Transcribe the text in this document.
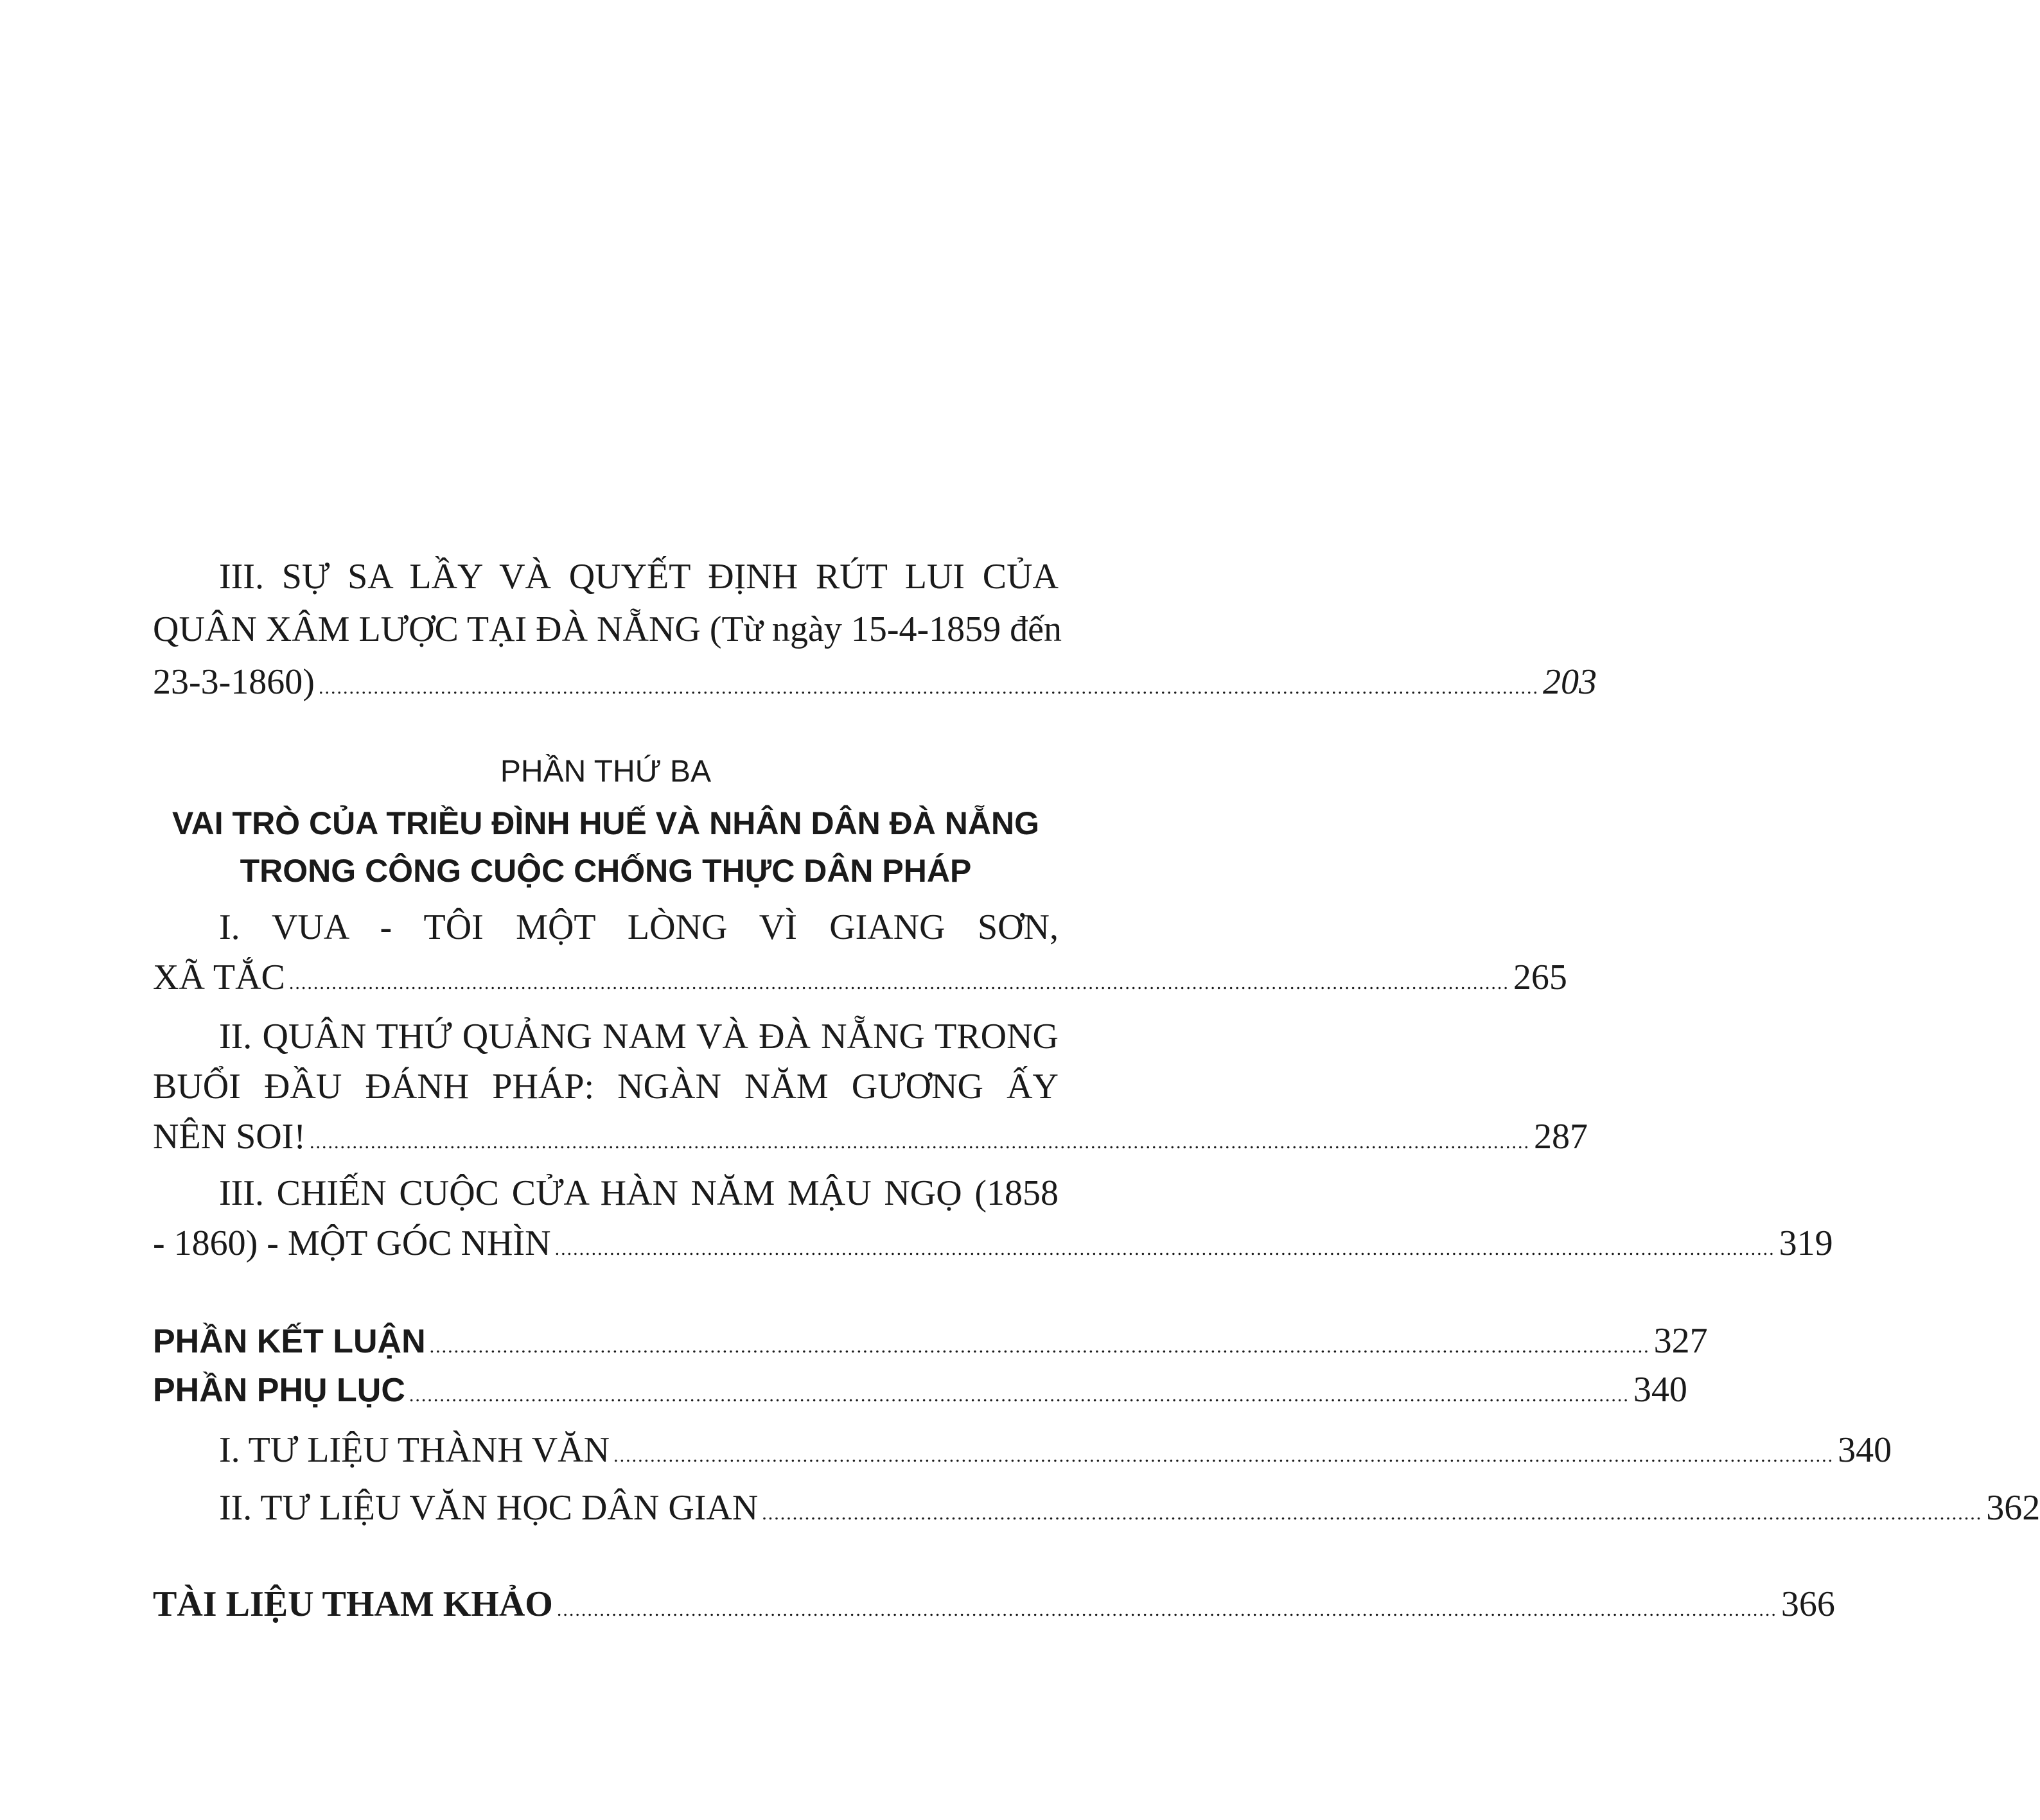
III. SỰ SA LẦY VÀ QUYẾT ĐỊNH RÚT LUI CỦA
QUÂN XÂM LƯỢC TẠI ĐÀ NẴNG (Từ ngày 15-4-1859 đến
23-3-1860) ........................................................................................................................................................................................................ 203
PHẦN THỨ BA
VAI TRÒ CỦA TRIỀU ĐÌNH HUẾ VÀ NHÂN DÂN ĐÀ NẴNG
TRONG CÔNG CUỘC CHỐNG THỰC DÂN PHÁP
I. VUA - TÔI MỘT LÒNG VÌ GIANG SƠN,
XÃ TẮC ........................................................................................................................................................................................................ 265
II. QUÂN THỨ QUẢNG NAM VÀ ĐÀ NẴNG TRONG
BUỔI ĐẦU ĐÁNH PHÁP: NGÀN NĂM GƯƠNG ẤY
NÊN SOI! ........................................................................................................................................................................................................ 287
III. CHIẾN CUỘC CỬA HÀN NĂM MẬU NGỌ (1858
- 1860) - MỘT GÓC NHÌN ........................................................................................................................................................................................................ 319
PHẦN KẾT LUẬN ........................................................................................................................................................................................................ 327
PHẦN PHỤ LỤC ........................................................................................................................................................................................................ 340
I. TƯ LIỆU THÀNH VĂN ........................................................................................................................................................................................................ 340
II. TƯ LIỆU VĂN HỌC DÂN GIAN ........................................................................................................................................................................................................ 362
TÀI LIỆU THAM KHẢO ........................................................................................................................................................................................................ 366
